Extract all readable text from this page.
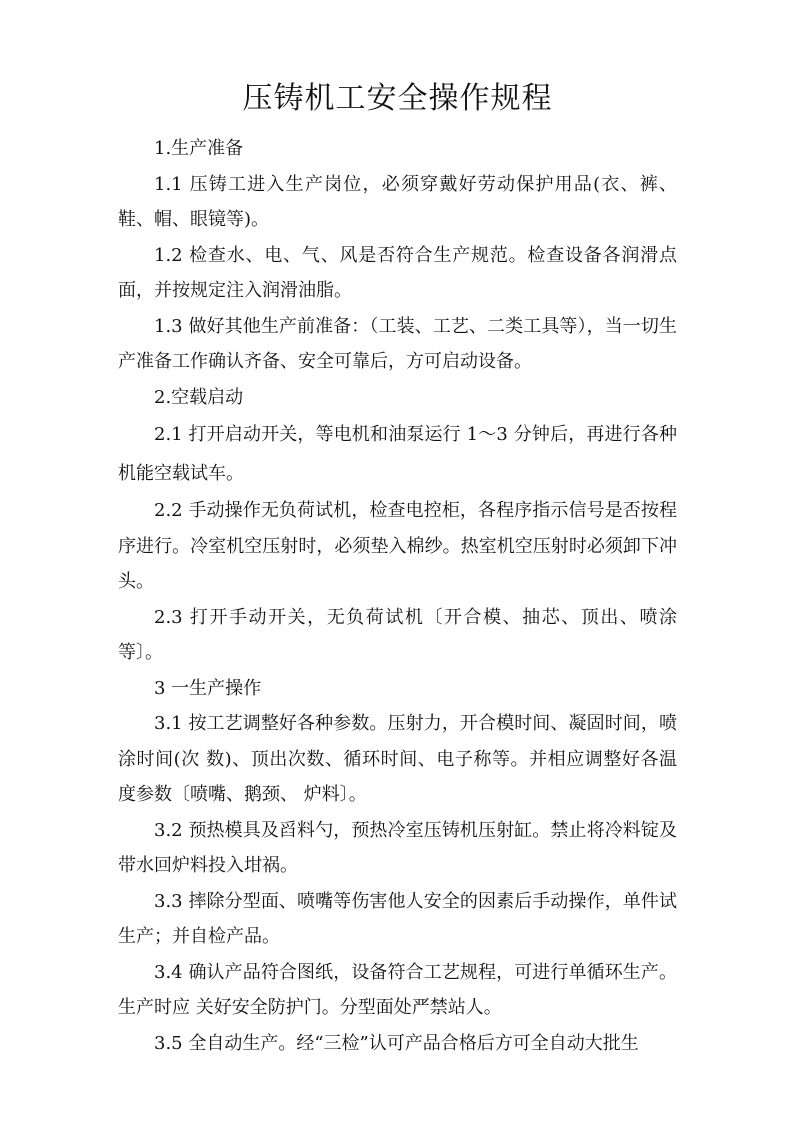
压铸机工安全操作规程

1.生产准备

1.1 压铸工进入生产岗位，必须穿戴好劳动保护用品(衣、裤、鞋、帽、眼镜等)。

1.2 检查水、电、气、风是否符合生产规范。检查设备各润滑点面，并按规定注入润滑油脂。

1.3 做好其他生产前准备：（工装、工艺、二类工具等），当一切生产准备工作确认齐备、安全可靠后，方可启动设备。

2.空载启动

2.1 打开启动开关，等电机和油泵运行 1〜3 分钟后，再进行各种机能空载试车。

2.2 手动操作无负荷试机，检查电控柜，各程序指示信号是否按程序进行。冷室机空压射时，必须垫入棉纱。热室机空压射时必须卸下冲头。

2.3 打开手动开关，无负荷试机〔开合模、抽芯、顶出、喷涂等〕。

3 一生产操作

3.1 按工艺调整好各种参数。压射力，开合模时间、凝固时间，喷涂时间(次 数)、顶出次数、循环时间、电子称等。并相应调整好各温度参数〔喷嘴、鹅颈、 炉料〕。

3.2 预热模具及舀料勺，预热冷室压铸机压射缸。禁止将冷料锭及带水回炉料投入坩祸。

3.3 摔除分型面、喷嘴等伤害他人安全的因素后手动操作，单件试生产；并自检产品。

3.4 确认产品符合图纸，设备符合工艺规程，可进行单循环生产。生产时应 关好安全防护门。分型面处严禁站人。

3.5 全自动生产。经“三检”认可产品合格后方可全自动大批生
